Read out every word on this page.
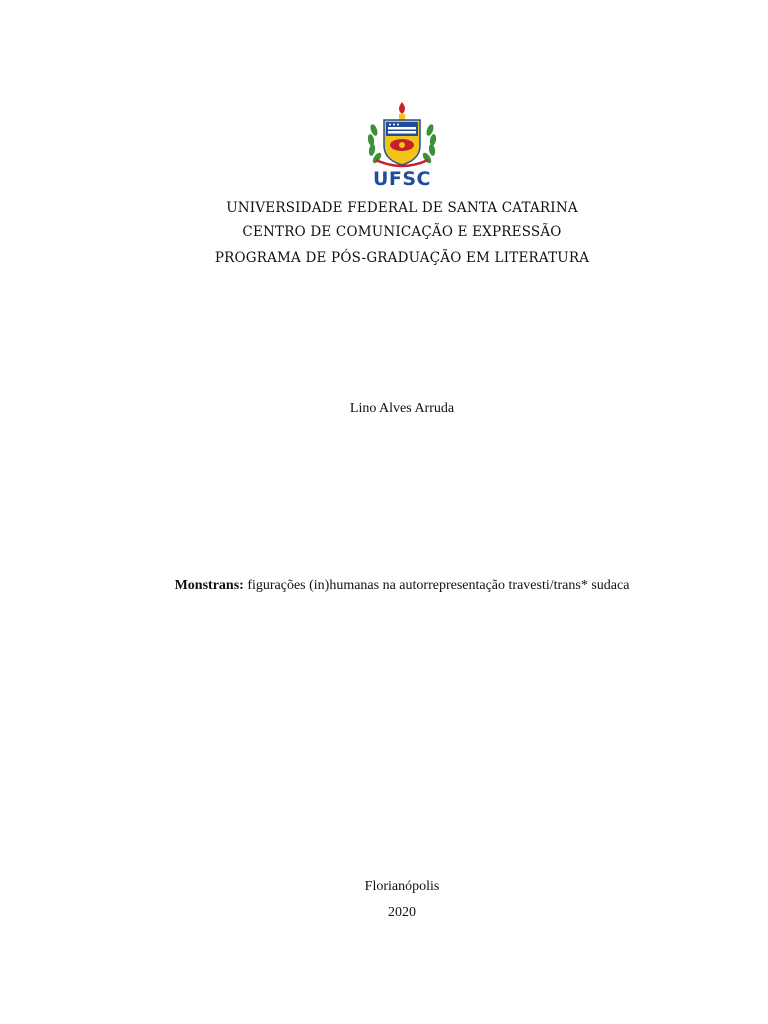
UFSC
UNIVERSIDADE FEDERAL DE SANTA CATARINA
CENTRO DE COMUNICAÇÃO E EXPRESSÃO
PROGRAMA DE PÓS-GRADUAÇÃO EM LITERATURA
Lino Alves Arruda
Monstrans: figurações (in)humanas na autorrepresentação travesti/trans* sudaca
Florianópolis
2020
